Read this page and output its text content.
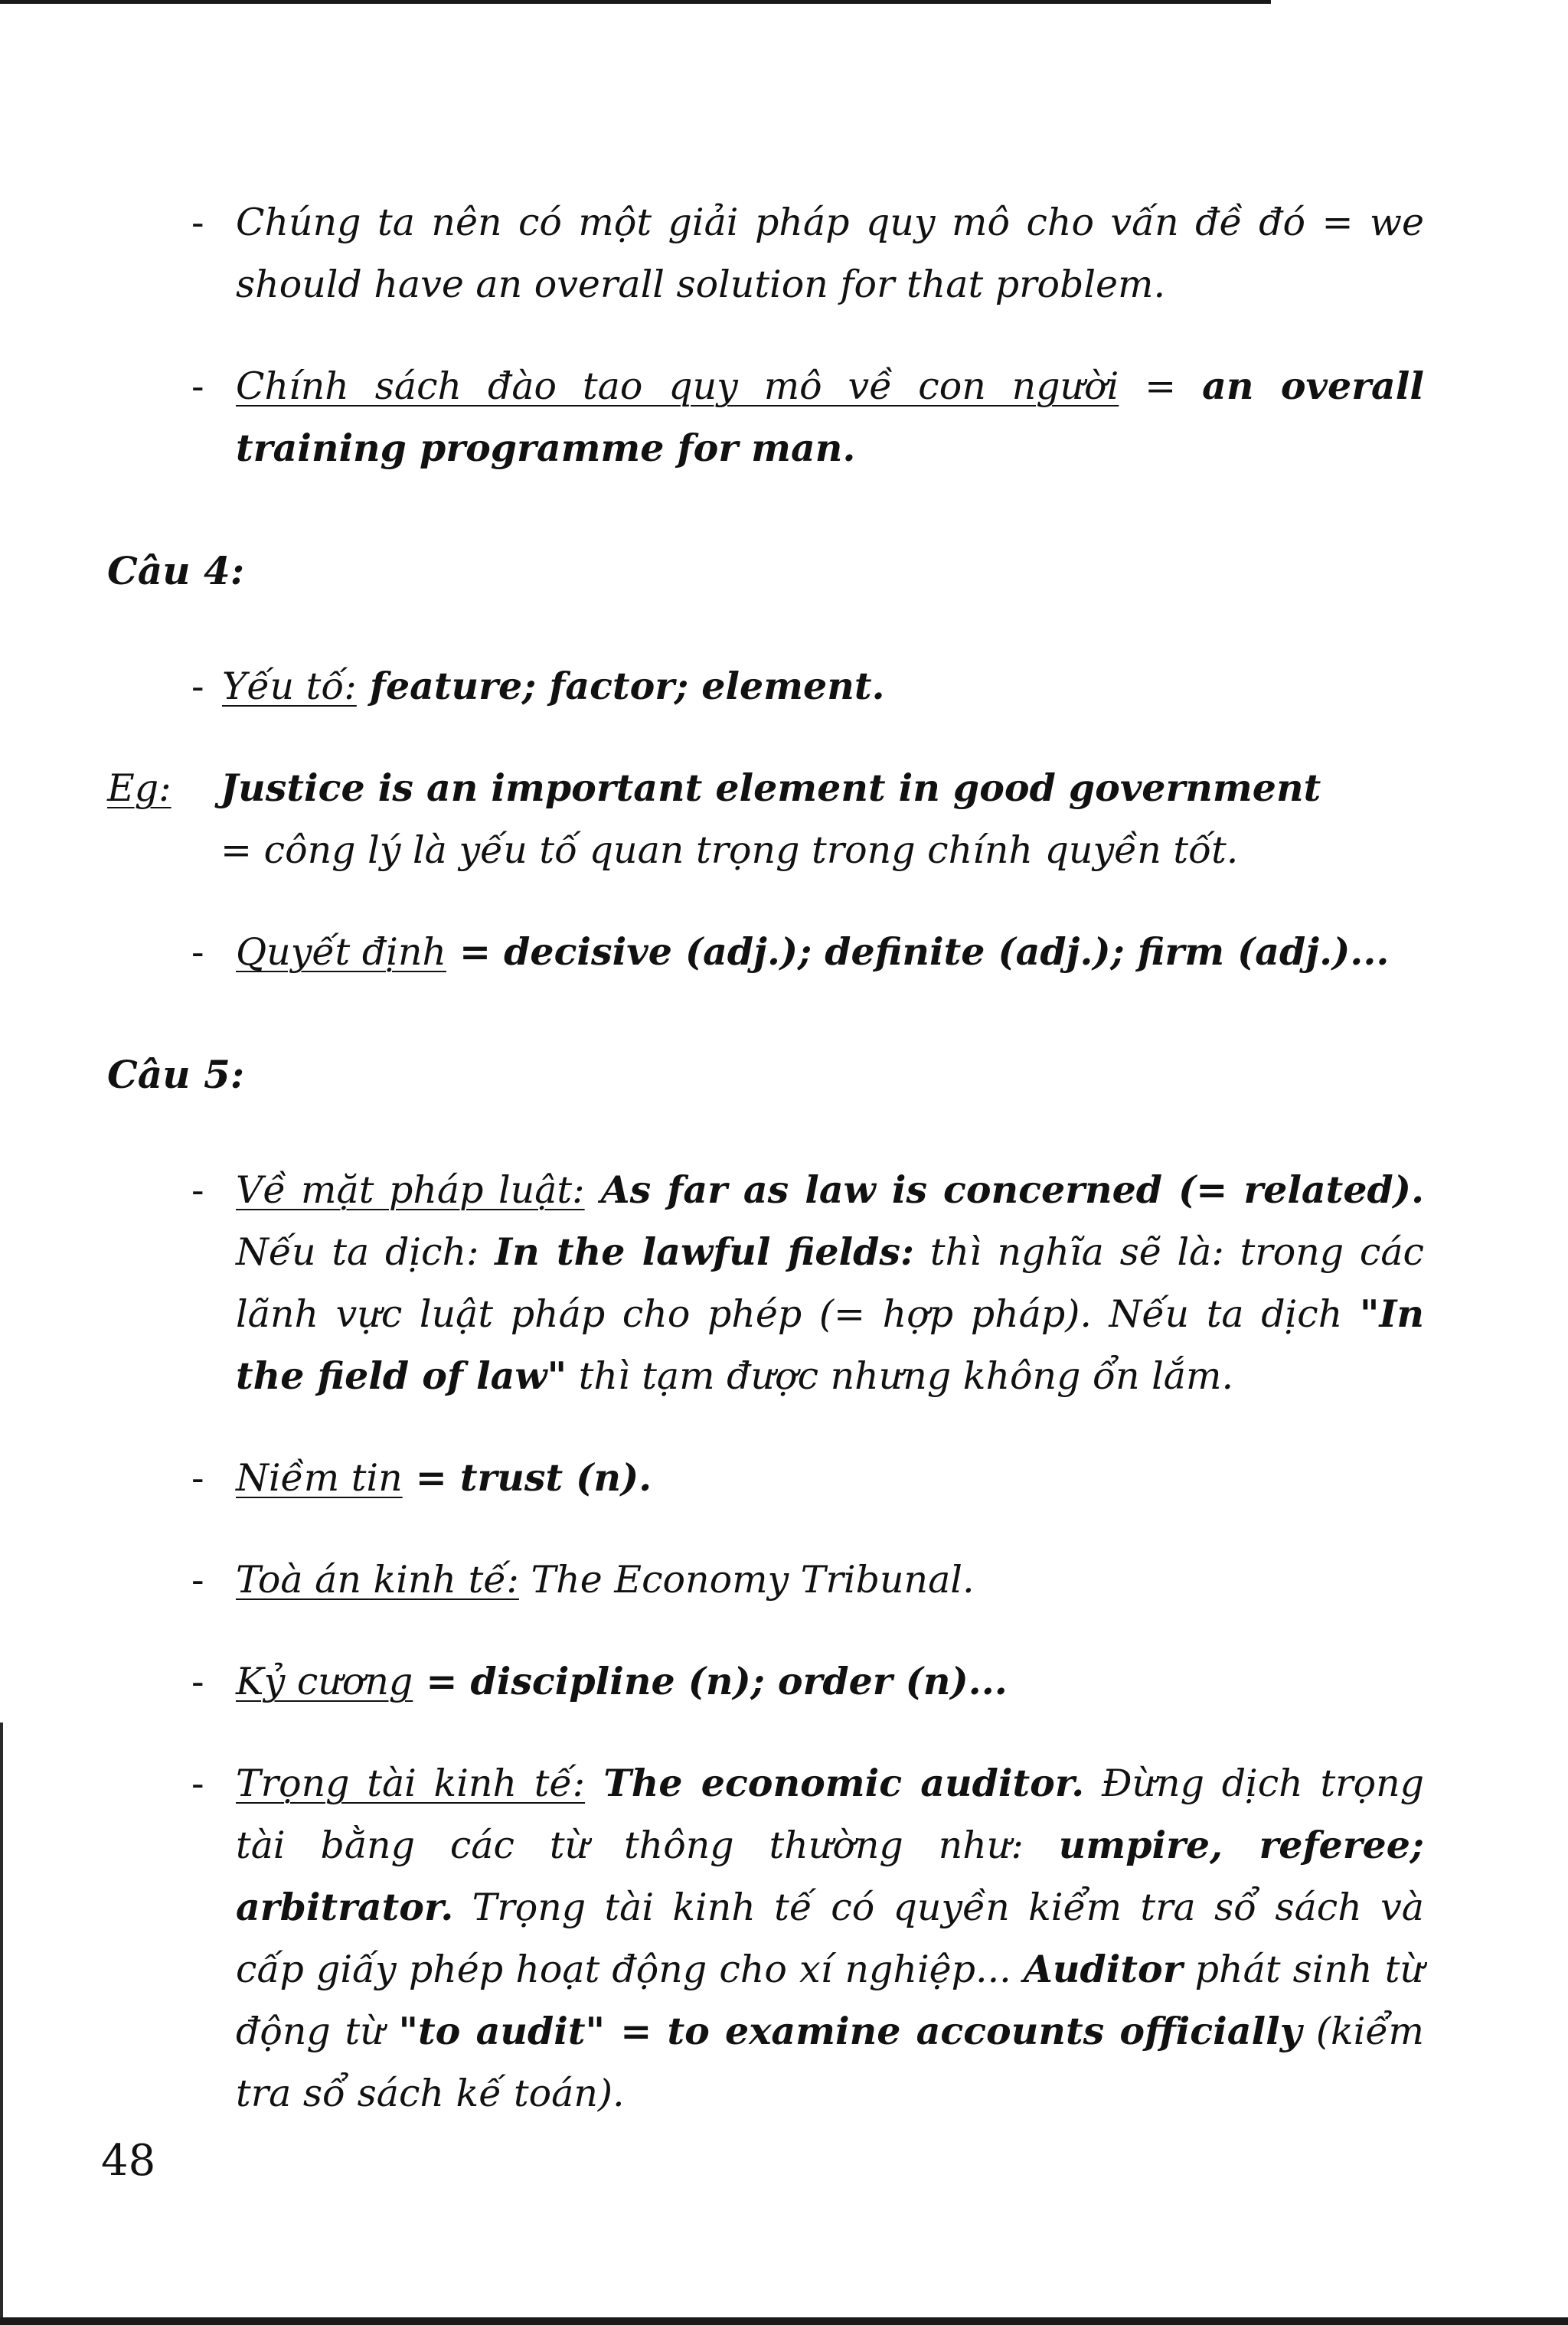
- Chúng ta nên có một giải pháp quy mô cho vấn đề đó = we should have an overall solution for that problem.
- Chính sách đào tao quy mô về con người = an overall training programme for man.
Câu 4:
- Yếu tố: feature; factor; element.
Eg: Justice is an important element in good government
= công lý là yếu tố quan trọng trong chính quyền tốt.
- Quyết định = decisive (adj.); definite (adj.); firm (adj.)...
Câu 5:
- Về mặt pháp luật: As far as law is concerned (= related). Nếu ta dịch: In the lawful fields: thì nghĩa sẽ là: trong các lãnh vực luật pháp cho phép (= hợp pháp). Nếu ta dịch "In the field of law" thì tạm được nhưng không ổn lắm.
- Niềm tin = trust (n).
- Toà án kinh tế: The Economy Tribunal.
- Kỷ cương = discipline (n); order (n)...
- Trọng tài kinh tế: The economic auditor. Đừng dịch trọng tài bằng các từ thông thường như: umpire, referee; arbitrator. Trọng tài kinh tế có quyền kiểm tra sổ sách và cấp giấy phép hoạt động cho xí nghiệp... Auditor phát sinh từ động từ "to audit" = to examine accounts officially (kiểm tra sổ sách kế toán).
48
